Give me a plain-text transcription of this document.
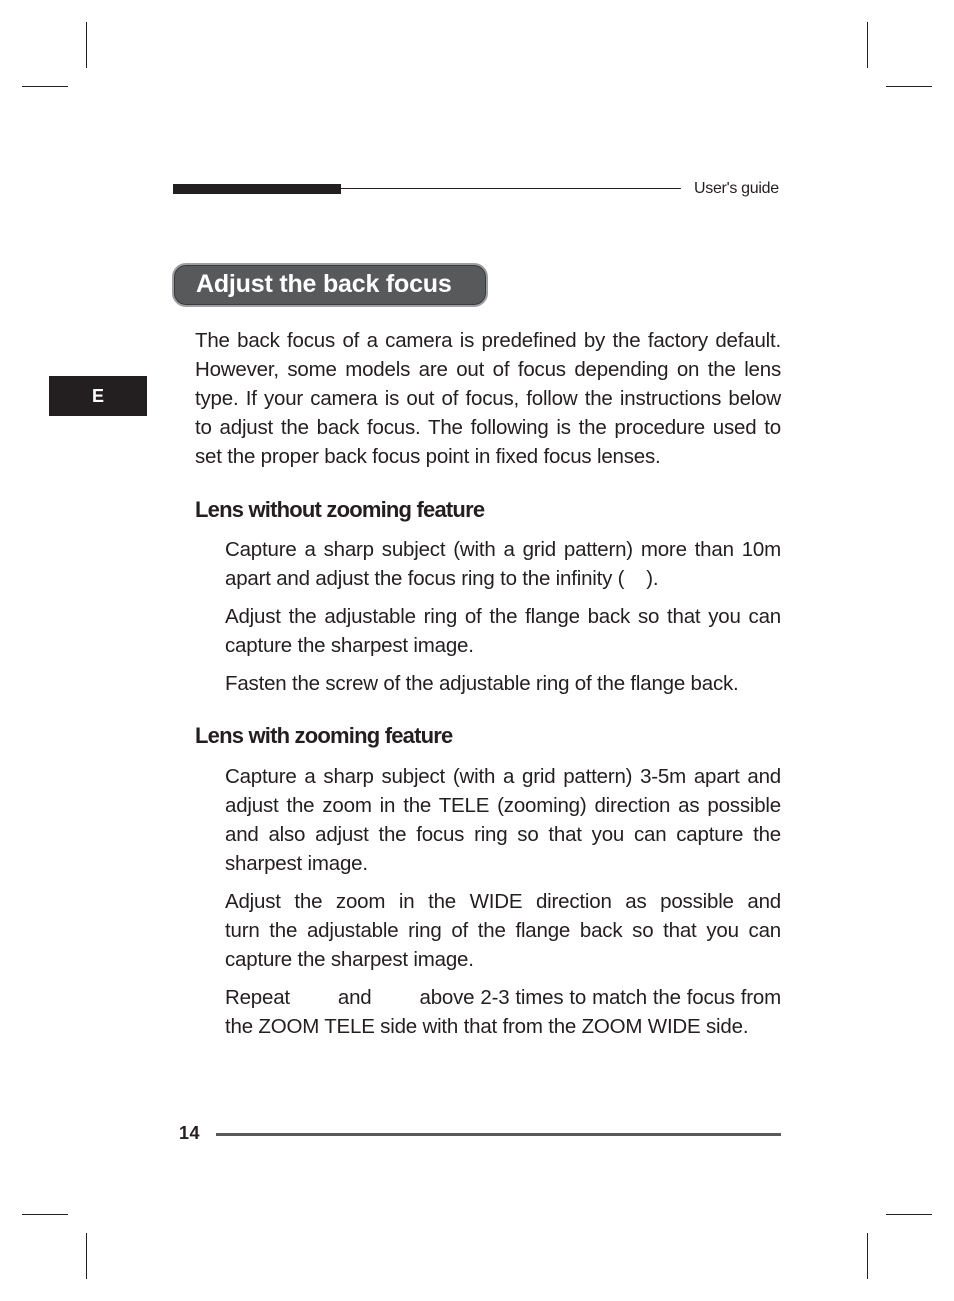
User's guide
E
Adjust the back focus
The back focus of a camera is predefined by the factory default.
However, some models are out of focus depending on the lens
type. If your camera is out of focus, follow the instructions below
to adjust the back focus. The following is the procedure used to
set the proper back focus point in fixed focus lenses.
Lens without zooming feature
Capture a sharp subject (with a grid pattern) more than 10m
apart and adjust the focus ring to the infinity (    ).
Adjust the adjustable ring of the flange back so that you can
capture the sharpest image.
Fasten the screw of the adjustable ring of the flange back.
Lens with zooming feature
Capture a sharp subject (with a grid pattern) 3-5m apart and
adjust the zoom in the TELE (zooming) direction as possible
and also adjust the focus ring so that you can capture the
sharpest image.
Adjust the zoom in the WIDE direction as possible and
turn the adjustable ring of the flange back so that you can
capture the sharpest image.
Repeat        and        above 2-3 times to match the focus from
the ZOOM TELE side with that from the ZOOM WIDE side.
14
